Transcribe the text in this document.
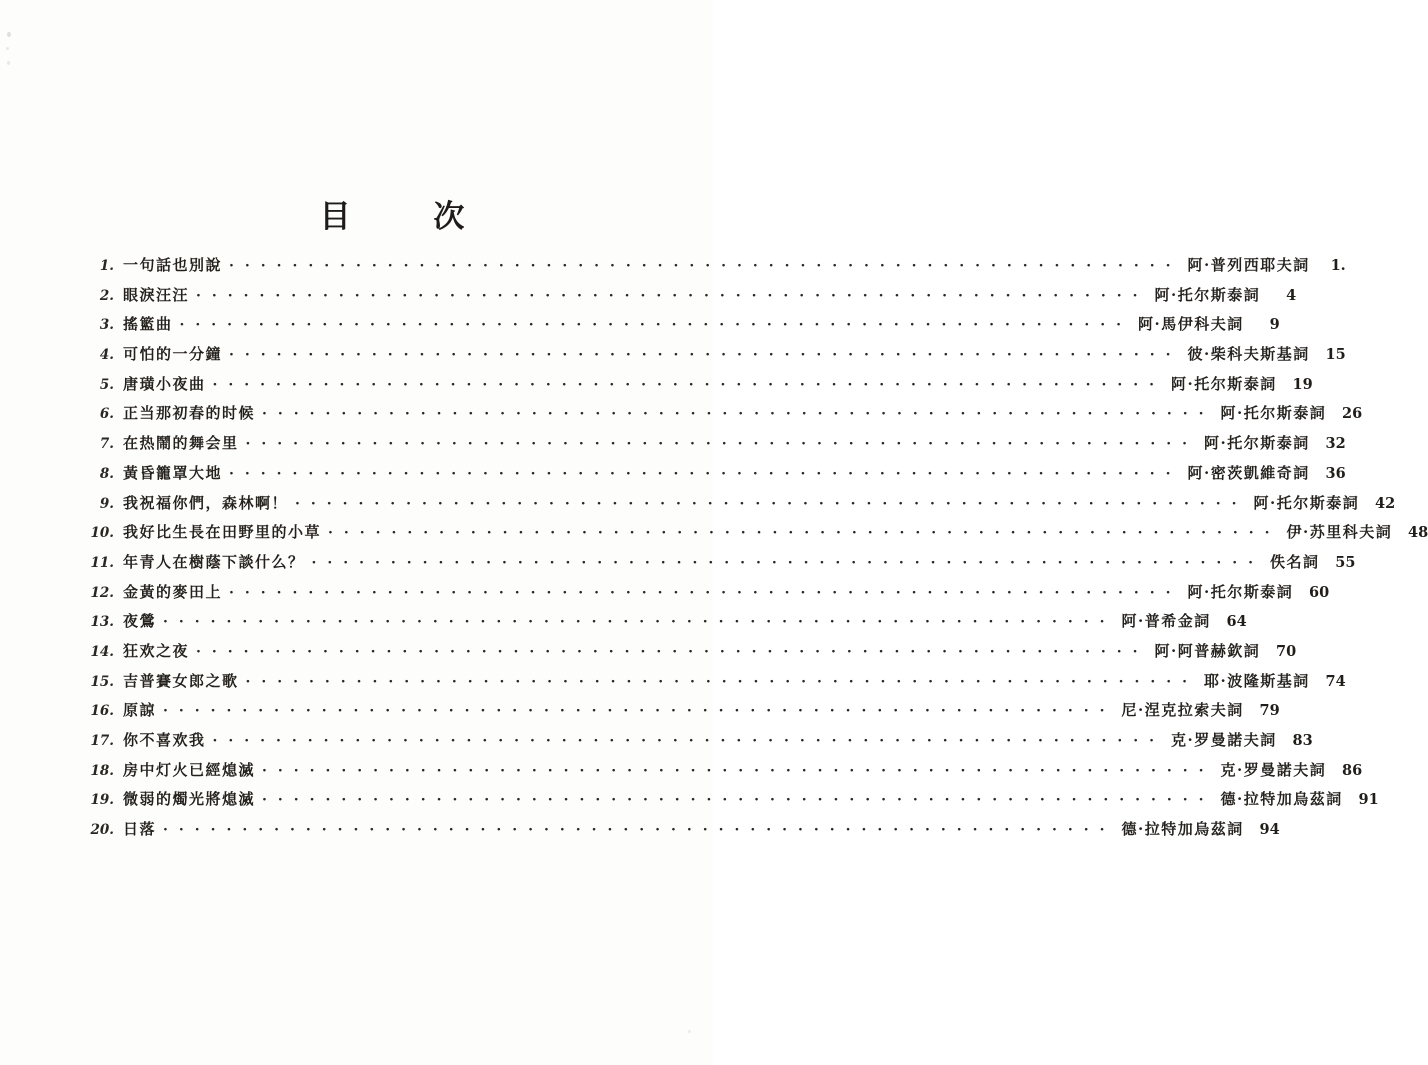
目 次
1. 一句話也別說 ···························································· 阿·普列西耶夫詞	1.
2. 眼淚汪汪 ···························································· 阿·托尔斯泰詞	4
3. 搖籃曲 ···························································· 阿·馬伊科夫詞	9
4. 可怕的一分鐘 ···························································· 彼·柴科夫斯基詞	15
5. 唐璜小夜曲 ···························································· 阿·托尔斯泰詞	19
6. 正当那初春的时候 ···························································· 阿·托尔斯泰詞	26
7. 在热鬧的舞会里 ···························································· 阿·托尔斯泰詞	32
8. 黃昏籠罩大地 ···························································· 阿·密茨凱維奇詞	36
9. 我祝福你們，森林啊！ ···························································· 阿·托尔斯泰詞	42
10. 我好比生長在田野里的小草 ···························································· 伊·苏里科夫詞	48
11. 年青人在樹蔭下談什么？ ···························································· 佚名詞	55
12. 金黃的麥田上 ···························································· 阿·托尔斯泰詞	60
13. 夜鶯 ···························································· 阿·普希金詞	64
14. 狂欢之夜 ···························································· 阿·阿普赫欽詞	70
15. 吉普賽女郎之歌 ···························································· 耶·波隆斯基詞	74
16. 原諒 ···························································· 尼·涅克拉索夫詞	79
17. 你不喜欢我 ···························································· 克·罗曼諾夫詞	83
18. 房中灯火已經熄滅 ···························································· 克·罗曼諾夫詞	86
19. 微弱的燭光將熄滅 ···························································· 德·拉特加烏茲詞	91
20. 日落 ···························································· 德·拉特加烏茲詞	94
